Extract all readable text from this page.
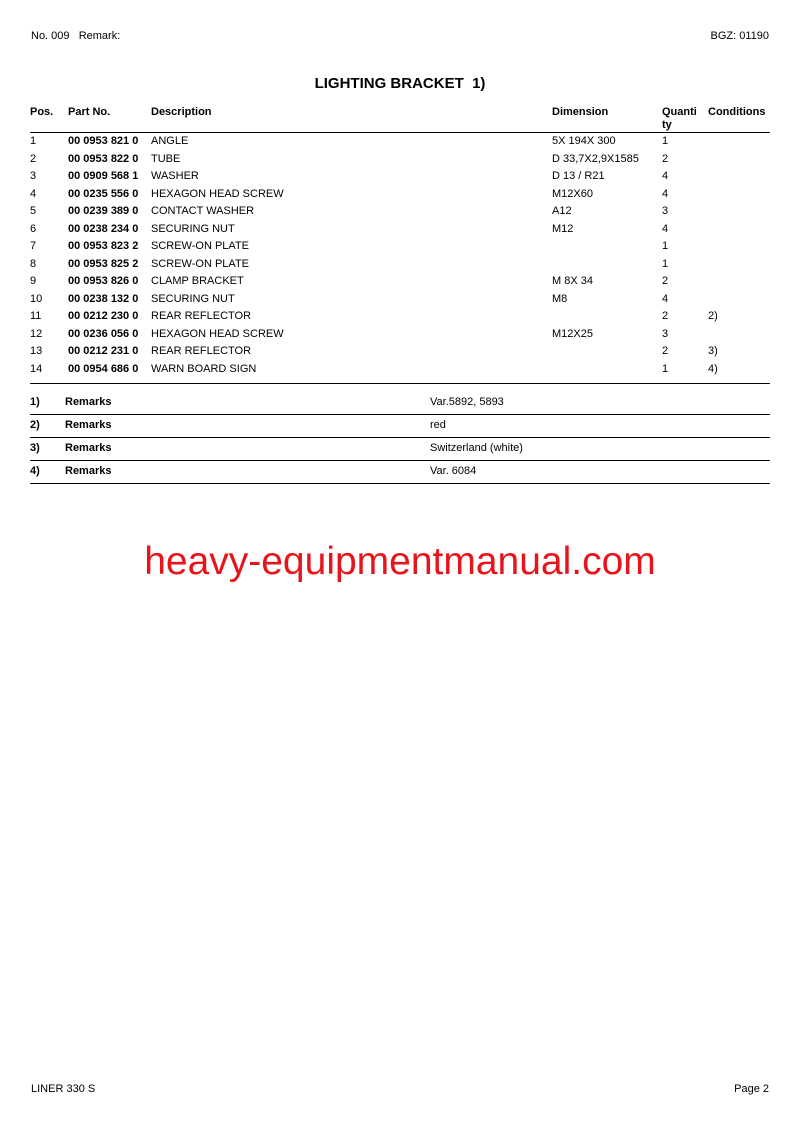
No. 009   Remark:	BGZ: 01190
LIGHTING BRACKET  1)
Pos.	Part No.	Description	Dimension	Quanti
ty	Conditions
1	00 0953 821 0	ANGLE	5X 194X 300	1	
2	00 0953 822 0	TUBE	D 33,7X2,9X1585	2	
3	00 0909 568 1	WASHER	D 13 / R21	4	
4	00 0235 556 0	HEXAGON HEAD SCREW	M12X60	4	
5	00 0239 389 0	CONTACT WASHER	A12	3	
6	00 0238 234 0	SECURING NUT	M12	4	
7	00 0953 823 2	SCREW-ON PLATE		1	
8	00 0953 825 2	SCREW-ON PLATE		1	
9	00 0953 826 0	CLAMP BRACKET	M 8X 34	2	
10	00 0238 132 0	SECURING NUT	M8	4	
11	00 0212 230 0	REAR REFLECTOR		2	2)
12	00 0236 056 0	HEXAGON HEAD SCREW	M12X25	3	
13	00 0212 231 0	REAR REFLECTOR		2	3)
14	00 0954 686 0	WARN BOARD SIGN		1	4)
1)	Remarks	Var.5892, 5893
2)	Remarks	red
3)	Remarks	Switzerland (white)
4)	Remarks	Var. 6084
heavy-equipmentmanual.com
LINER 330 S	Page 2
